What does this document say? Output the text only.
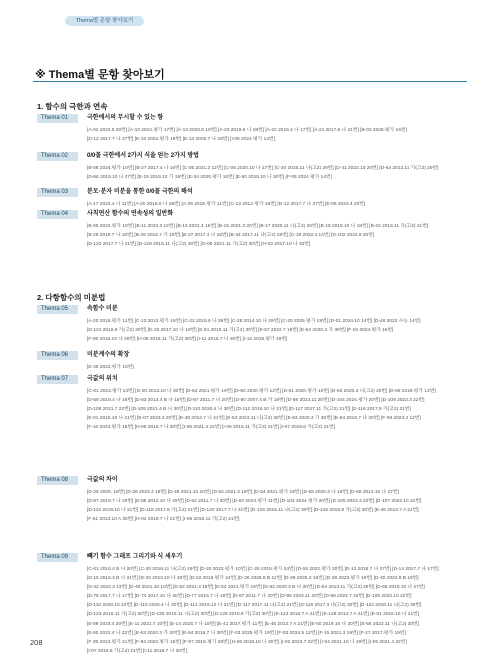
Thema별 문항 찾아보기
※ Thema별 문항 찾아보기
1. 함수의 극한과 연속
2. 다항함수의 미분법
Thema 01	극한에서의 무시할 수 있는 항
[A-02 2024.6 30번] [A-10 2024.평가 17번] [A-13 2023.6 10번] [A-20 2019.6 나 28번] [A-22 2016.4 나 17번] [A-24 2017.6 나 21번] [B-03 2026.평가 16번]
[D-12 2017.7 나 27번] [E-10 2022.평가 19번] [E-14 2025.7 나 18번] [I-06 2024.평가 14번]
Thema 02	0/0꼴 극한에서 2가지 식을 얻는 2가지 방법
[B-08 2024.평가 10번] [B-27 2017.4 나 16번] [C-05 2021.3 12번] [C-06 2020.10 나 17번] [C-20 2016.11 나(고2) 29번] [D-41 2022.10 20번] [D-64 2013.11 가(고2) 29번]
[D-66 2019.10 나 27번] [E-19 2019.10 가 19번] [E-34 2020.평가 10번] [E-50 2019.10 나 30번] [F-06 2024.평가 14번]
Thema 03	분모·분자 미분을 통한 0/0꼴 극한의 해석
[A-17 2023.4 나 11번] [A-20 2019.6 나 28번] [A-26 2016.평가 11번] [C-13 2012.평가 18번] [D-12 2017.7 나 27번] [E-09 2023.4 20번]
Thema 04	사칙연산 함수의 연속성의 일반화
[B-06 2024.평가 10번] [B-11 2022.3 12번] [B-13 2022.4 15번] [B-15 2021.3 20번] [B-17 2020.11 나(고2) 20번] [B-18 2019.10 나 18번] [B-22 2016.11 가(고2) 21번]
[B-26 2019.7 나 18번] [B-26 2016.7 가 18번] [B-27 2017.4 나 16번] [B-34 2017.11 나(고2) 28번] [C-19 2022.4 14번] [D-102 2024.9 20번]
[D-120 2017.7 나 21번] [D-128 2015.11 나(고2) 30번] [G-08 2021.11 가(고2) 30번] [H-03 2017.10 나 30번]
Thema 05	속함수 미분
[A-20 2016.평가 11번] [C-13 2012.평가 18번] [C-22 2019.6 나 28번] [C-28 2014.10 나 29번] [C-20 2025.평가 19번] [D-01 2024.10 14번] [D-48 2022.수능 14번]
[D-124 2016.9 가(고2) 30번] [E-22 2017.10 나 18번] [E-51 2015.11 가(고2) 30번] [E-57 2022.7 15번] [E-63 2020.3 가 30번] [F-04 2024.평가 16번]
[F-06 2016.10 나 28번] [H-08 2018.11 가(고2) 30번] [I-11 2016.7 나 30번] [I-12 2019.평가 19번]
Thema 06	미분계수의 확장
[E-35 2022.평가 10번]
Thema 07	극값의 위치
[C-01 2024.평가 13번] [D-20 2013.10 나 30번] [D-54 2021.평가 19번] [D-60 2020.평가 12번] [D-61 2020.평가 10번] [D-63 2020.4 나(고2) 20번] [D-69 2019.평가 13번]
[D-69 2019.4 나 18번] [D-83 2014.4 B 나 18번] [D-87 2011.7 나 20번] [D-90 2007.4 B 가 19번] [D-98 2023.11 20번] [D-104 2024.평가 20번] [D-109 2023.3 22번]
[D-108 2021.7 22번] [D-109 2021.4 B 나 30번] [D-110 2020.4 나 30번] [D-112 2019.10 나 21번] [D-117 2017.11 가(고2) 21번] [D-118 2017.9 가(고2) 21번]
[E-01 2016.10 나 21번] [E-07 2023.3 20번] [E-48 2012.7 나 21번] [E-54 2023.11 나(고2) 30번] [E-63 2020.3 가 30번] [E-64 2016.7 나 30번] [F-08 2023.4 12번]
[F-10 2023.평가 15번] [H-06 2018.7 나 30번] [I-05 2021.4 22번] [I-06 2018.11 가(고2) 21번] [I-07 2019.6 가(고2) 21번]
Thema 08	극값의 차이
[D-29 2025. 18번] [D-36 2023.4 16번] [D-49 2021.10 10번] [D-52 2021.3 19번] [D-54 2021.평가 19번] [D-59 2020.3 나 18번] [D-66 2013.10 나 27번]
[D-67 2019.7 나 29번] [D-85 2012.10 나 29번] [D-82 2011.7 나 30번] [D-93 2024.평가 11번] [D-104 2024.평가 20번] [D-105 2023.3 22번] [D-107 2022.10 22번]
[D-112 2019.10 나 21번] [D-118 2017.9 가(고2) 21번] [D-120 2017.7 나 21번] [D-125 2015.11 나(고2) 30번] [D-126 2015.9 가(고2) 30번] [E-46 2013.7 A 21번]
[F-61 2013.10 A 30번] [H-04 2019.7 나 21번] [I-06 2018.11 가(고2) 21번]
Thema 09	빼기 함수 그래프 그리기와 식 세우기
[C-01 2016.4 B 나 20번] [C-20 2016.11 나(고2) 29번] [D-20 2023.평가 10번] [C-28 2019.평가 24번] [D-06 2022.평가 20번] [D-12 2018.7 나 27번] [D-14 2017.7 나 17번]
[D-16 2016.4 B 나 21번] [D-20 2013.10 나 30번] [D-22 2016.평가 24번] [D-26 2025.6 B 11번] [D-29 2025.3 18번] [D-38 2023.평가 19번] [D-40 2023.6 B 18번]
[D-42 2022.3 13번] [D-49 2021.10 10번] [D-52 2021.3 19번] [D-54 2021.평가 19번] [D-63 2020.4 B 나 20번] [D-64 2013.11 가(고2) 29번] [D-66 2019.10 나 27번]
[D-78 2017.7 나 17번] [D-74 2017.10 나 20번] [D-77 2016.7 나 18번] [D-87 2011.7 나 20번] [D-98 2023.11 20번] [D-99 2022.7 22번] [D-106 2022.10 22번]
[D-110 2020.10 22번] [D-110 2020.4 나 30번] [D-112 2019.12 나 21번] [D-117 2017.11 나(고2) 21번] [D-119 2017.3 나(고2) 30번] [D-122 2016.11 나(고2) 30번]
[D-123 2016.11 가(고2) 30번] [D-125 2015.11 나(고2) 30번] [D-126 2015.9 가(고2) 30번] [E-123 2016.7 A 21번] [E-128 2014.7 A 21번] [E-01 2016.10 나 21번]
[E-09 2023.4 20번] [E-11 2021.7 10번] [E-14 2025.7 나 18번] [E-41 2017.평가 11번] [E-46 2013.7 A 21번] [E-50 2019.10 나 30번] [E-56 2023.11 나(고2) 30번]
[E-60 2022.4 나 22번] [E-63 2020.3 가 30번] [E-64 2016.7 나 30번] [F-03 2025.평가 19번] [F-03 2024.5 12번] [F-15 2021.3 19번] [F-27 2017.평가 19번]
[F-39 2013.평가 21번] [F-84 2022.평가 15번] [F-87 2016.평가 29번] [H-06 2018.10 나 30번] [I-02 2023.7 22번] [I-04 2021.10 나 19번] [I-05 2021.4 22번]
[I-07 2019.6 가(고2) 21번] [I-11 2016.7 나 30번]
208
